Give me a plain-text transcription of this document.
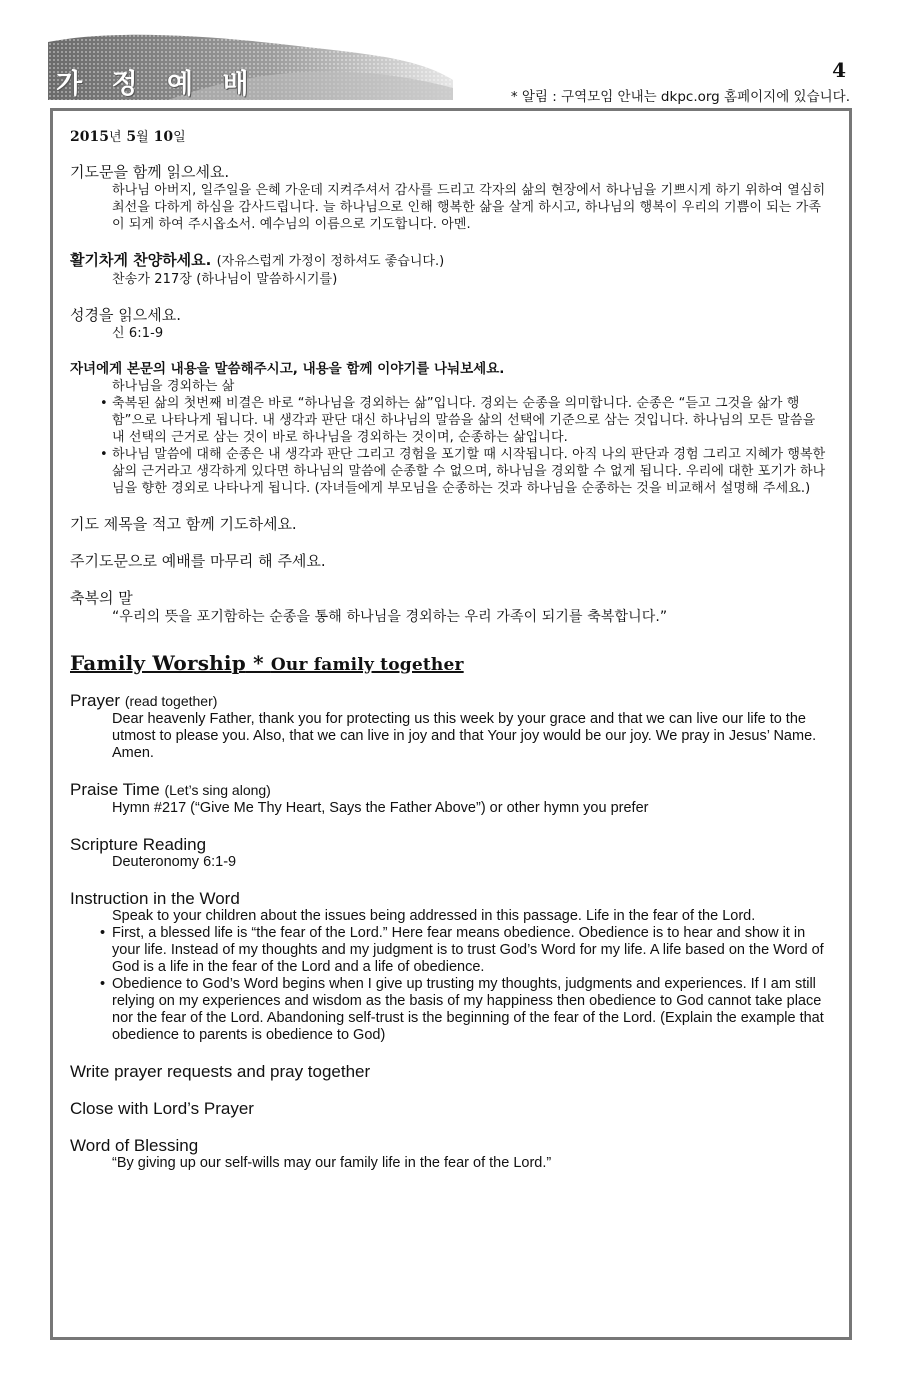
가 정 예 배	4
* 알림 : 구역모임 안내는 dkpc.org 홈페이지에 있습니다.

2015년 5월 10일

기도문을 함께 읽으세요.

하나님 아버지, 일주일을 은혜 가운데 지켜주셔서 감사를 드리고 각자의 삶의 현장에서 하나님을 기쁘시게 하기 위하여 열심히 최선을 다하게 하심을 감사드립니다. 늘 하나님으로 인해 행복한 삶을 살게 하시고, 하나님의 행복이 우리의 기쁨이 되는 가족이 되게 하여 주시옵소서. 예수님의 이름으로 기도합니다. 아멘.

활기차게 찬양하세요. (자유스럽게 가정이 정하셔도 좋습니다.)

찬송가 217장 (하나님이 말씀하시기를)

성경을 읽으세요.

신 6:1-9

자녀에게 본문의 내용을 말씀해주시고, 내용을 함께 이야기를 나눠보세요.

하나님을 경외하는 삶

• 축복된 삶의 첫번째 비결은 바로 “하나님을 경외하는 삶”입니다. 경외는 순종을 의미합니다. 순종은 “듣고 그것을 삶가 행함”으로 나타나게 됩니다. 내 생각과 판단 대신 하나님의 말씀을 삶의 선택에 기준으로 삼는 것입니다. 하나님의 모든 말씀을 내 선택의 근거로 삼는 것이 바로 하나님을 경외하는 것이며, 순종하는 삶입니다.
• 하나님 말씀에 대해 순종은 내 생각과 판단 그리고 경험을 포기할 때 시작됩니다. 아직 나의 판단과 경험 그리고 지혜가 행복한 삶의 근거라고 생각하게 있다면 하나님의 말씀에 순종할 수 없으며, 하나님을 경외할 수 없게 됩니다. 우리에 대한 포기가 하나님을 향한 경외로 나타나게 됩니다. (자녀들에게 부모님을 순종하는 것과 하나님을 순종하는 것을 비교해서 설명해 주세요.)

기도 제목을 적고 함께 기도하세요.

주기도문으로 예배를 마무리 해 주세요.

축복의 말

“우리의 뜻을 포기함하는 순종을 통해 하나님을 경외하는 우리 가족이 되기를 축복합니다.”

Family Worship * Our family together

Prayer (read together)

Dear heavenly Father, thank you for protecting us this week by your grace and that we can live our life to the utmost to please you. Also, that we can live in joy and that Your joy would be our joy. We pray in Jesus’ Name. Amen.

Praise Time (Let’s sing along)

Hymn #217 (“Give Me Thy Heart, Says the Father Above”) or other hymn you prefer

Scripture Reading

Deuteronomy 6:1-9

Instruction in the Word

Speak to your children about the issues being addressed in this passage. Life in the fear of the Lord.

• First, a blessed life is “the fear of the Lord.” Here fear means obedience. Obedience is to hear and show it in your life. Instead of my thoughts and my judgment is to trust God’s Word for my life. A life based on the Word of God is a life in the fear of the Lord and a life of obedience.
• Obedience to God’s Word begins when I give up trusting my thoughts, judgments and experiences. If I am still relying on my experiences and wisdom as the basis of my happiness then obedience to God cannot take place nor the fear of the Lord. Abandoning self-trust is the beginning of the fear of the Lord. (Explain the example that obedience to parents is obedience to God)

Write prayer requests and pray together

Close with Lord’s Prayer

Word of Blessing

“By giving up our self-wills may our family life in the fear of the Lord.”
